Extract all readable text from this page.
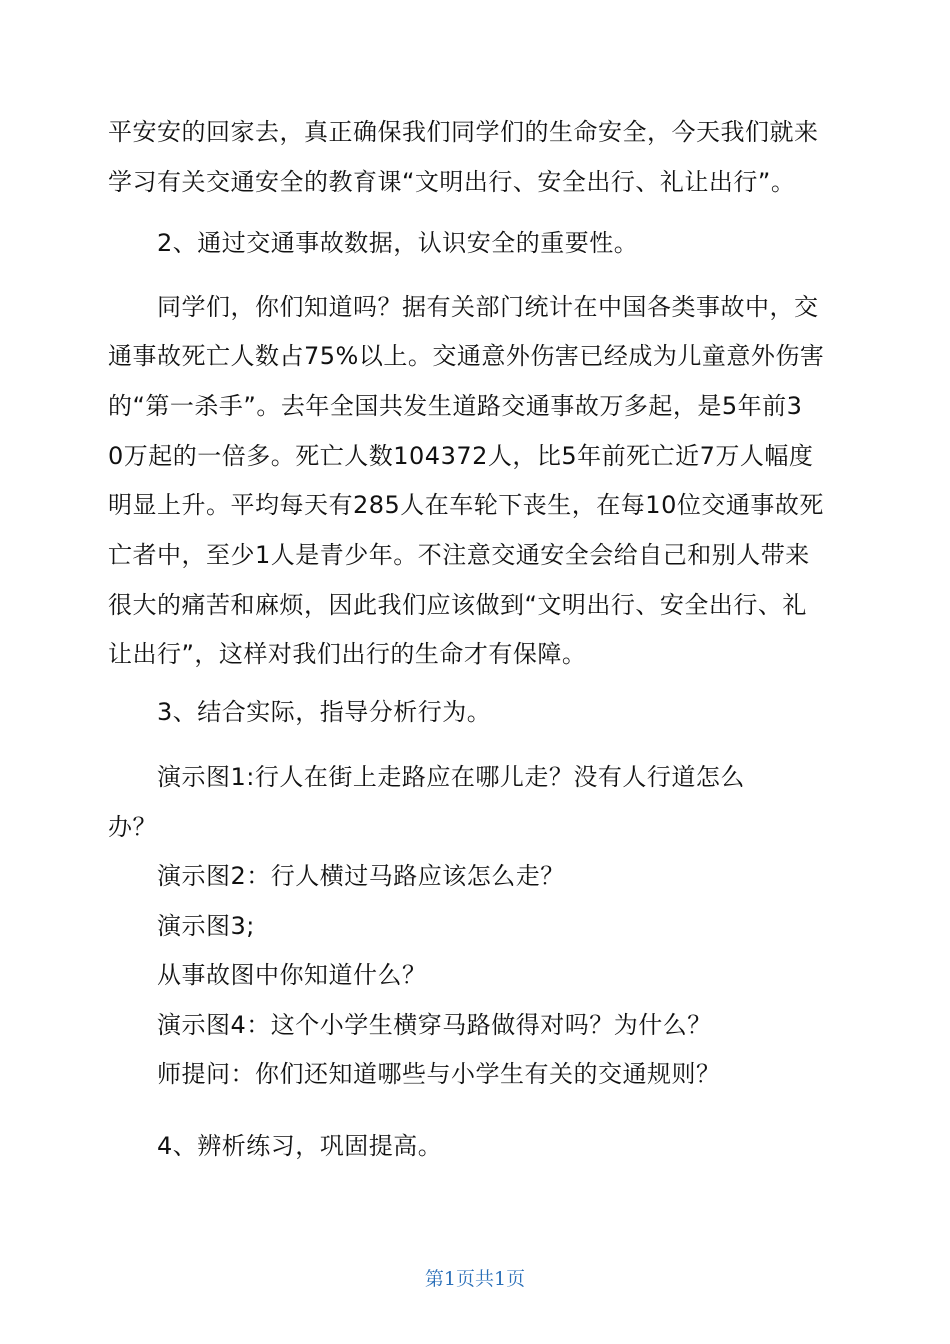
平安安的回家去，真正确保我们同学们的生命安全，今天我们就来
学习有关交通安全的教育课“文明出行、安全出行、礼让出行”。
2、通过交通事故数据，认识安全的重要性。
同学们，你们知道吗？据有关部门统计在中国各类事故中，交
通事故死亡人数占75%以上。交通意外伤害已经成为儿童意外伤害
的“第一杀手”。去年全国共发生道路交通事故万多起，是5年前3
0万起的一倍多。死亡人数104372人，比5年前死亡近7万人幅度
明显上升。平均每天有285人在车轮下丧生，在每10位交通事故死
亡者中，至少1人是青少年。不注意交通安全会给自己和别人带来
很大的痛苦和麻烦，因此我们应该做到“文明出行、安全出行、礼
让出行”，这样对我们出行的生命才有保障。
3、结合实际，指导分析行为。
演示图1:行人在街上走路应在哪儿走？没有人行道怎么
办？
演示图2：行人横过马路应该怎么走？
演示图3;
从事故图中你知道什么？
演示图4：这个小学生横穿马路做得对吗？为什么？
师提问：你们还知道哪些与小学生有关的交通规则？
4、辨析练习，巩固提高。
第1页共1页
